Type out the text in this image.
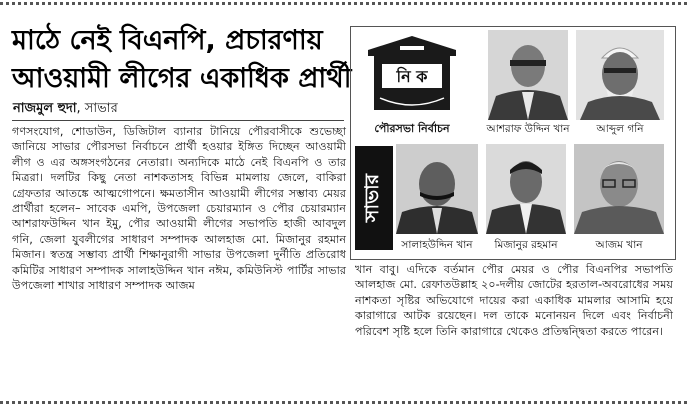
মাঠে নেই বিএনপি, প্রচারণায়
আওয়ামী লীগের একাধিক প্রার্থী
নাজমুল হুদা, সাভার

গণসংযোগ, শোডাউন, ডিজিটাল ব্যানার টানিয়ে পৌরবাসীকে শুভেচ্ছা জানিয়ে সাভার পৌরসভা নির্বাচনে প্রার্থী হওয়ার ইঙ্গিত দিচ্ছেন আওয়ামী লীগ ও এর অঙ্গসংগঠনের নেতারা। অন্যদিকে মাঠে নেই বিএনপি ও তার মিত্ররা। দলটির কিছু নেতা নাশকতাসহ বিভিন্ন মামলায় জেলে, বাকিরা গ্রেফতার আতঙ্কে আত্মগোপনে। ক্ষমতাসীন আওয়ামী লীগের সম্ভাব্য মেয়র প্রার্থীরা হলেন– সাবেক এমপি, উপজেলা চেয়ারম্যান ও পৌর চেয়ারম্যান আশরাফউদ্দিন খান ইমু, পৌর আওয়ামী লীগের সভাপতি হাজী আবদুল গনি, জেলা যুবলীগের সাধারণ সম্পাদক আলহাজ মো. মিজানুর রহমান মিজান। স্বতন্ত্র সম্ভাব্য প্রার্থী শিক্ষানুরাগী সাভার উপজেলা দুর্নীতি প্রতিরোধ কমিটির সাধারণ সম্পাদক সালাহউদ্দিন খান নঈম, কমিউনিস্ট পার্টির সাভার উপজেলা শাখার সাধারণ সম্পাদক আজম

নি ক
পৌরসভা নির্বাচন
সাভার
আশরাফ উদ্দিন খান	আব্দুল গনি
সালাহউদ্দিন খান	মিজানুর রহমান	আজম খান

খান বাবু। এদিকে বর্তমান পৌর মেয়র ও পৌর বিএনপির সভাপতি আলহাজ মো. রেফাতউল্লাহ ২০-দলীয় জোটের হরতাল-অবরোধের সময় নাশকতা সৃষ্টির অভিযোগে দায়ের করা একাধিক মামলার আসামি হয়ে কারাগারে আটক রয়েছেন। দল তাকে মনোনয়ন দিলে এবং নির্বাচনী পরিবেশ সৃষ্টি হলে তিনি কারাগারে থেকেও প্রতিদ্বন্দ্বিতা করতে পারেন।
